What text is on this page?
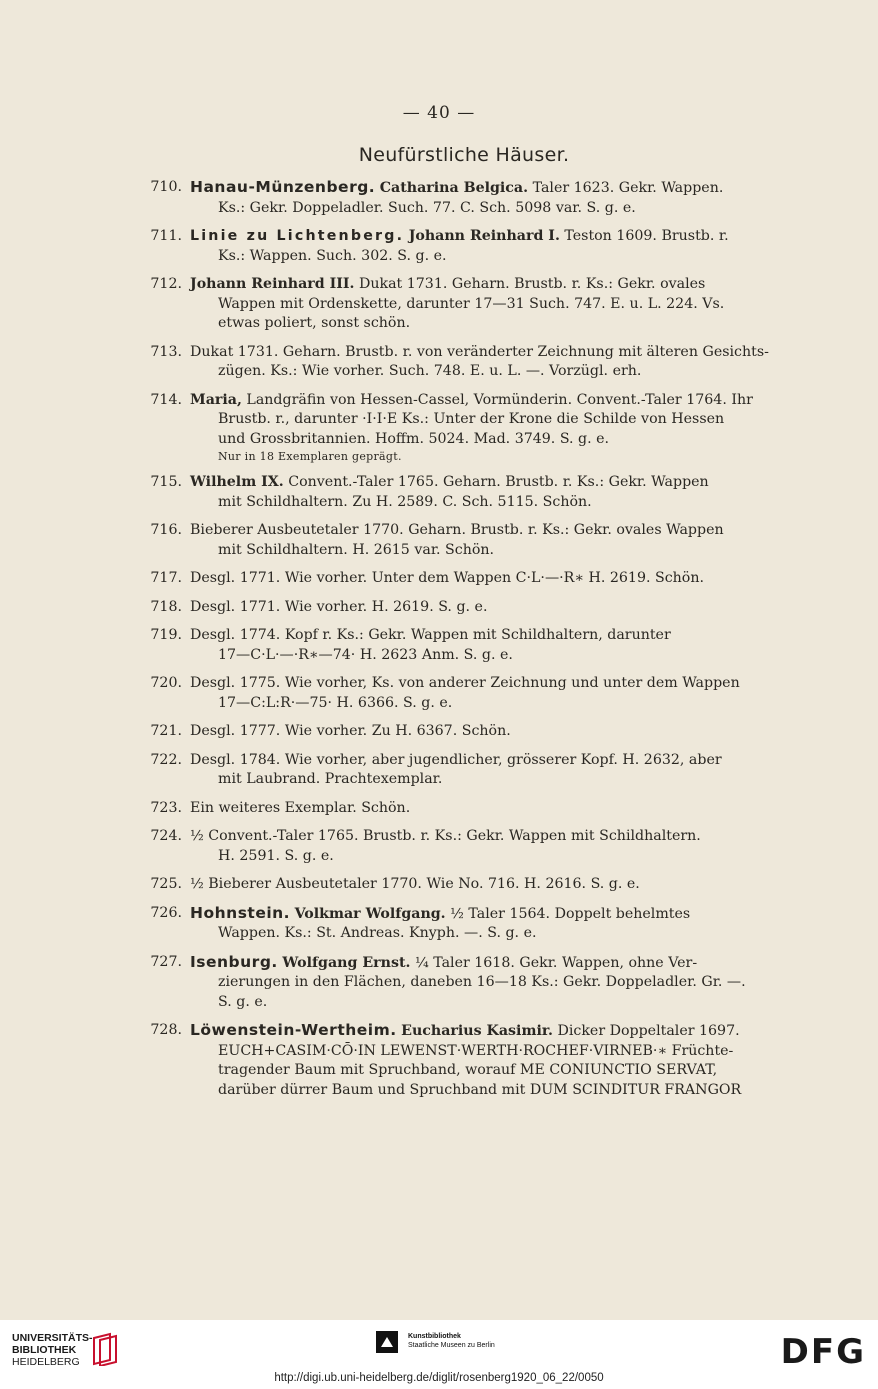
— 40 —
Neufürstliche Häuser.
710. Hanau-Münzenberg. Catharina Belgica. Taler 1623. Gekr. Wappen.
Ks.: Gekr. Doppeladler. Such. 77. C. Sch. 5098 var. S. g. e.
711. Linie zu Lichtenberg. Johann Reinhard I. Teston 1609. Brustb. r.
Ks.: Wappen. Such. 302. S. g. e.
712. Johann Reinhard III. Dukat 1731. Geharn. Brustb. r. Ks.: Gekr. ovales
Wappen mit Ordenskette, darunter 17—31 Such. 747. E. u. L. 224. Vs.
etwas poliert, sonst schön.
713. Dukat 1731. Geharn. Brustb. r. von veränderter Zeichnung mit älteren Gesichts-
zügen. Ks.: Wie vorher. Such. 748. E. u. L. —. Vorzügl. erh.
714. Maria, Landgräfin von Hessen-Cassel, Vormünderin. Convent.-Taler 1764. Ihr
Brustb. r., darunter ·I·I·E Ks.: Unter der Krone die Schilde von Hessen
und Grossbritannien. Hoffm. 5024. Mad. 3749. S. g. e.
Nur in 18 Exemplaren geprägt.
715. Wilhelm IX. Convent.-Taler 1765. Geharn. Brustb. r. Ks.: Gekr. Wappen
mit Schildhaltern. Zu H. 2589. C. Sch. 5115. Schön.
716. Bieberer Ausbeutetaler 1770. Geharn. Brustb. r. Ks.: Gekr. ovales Wappen
mit Schildhaltern. H. 2615 var. Schön.
717. Desgl. 1771. Wie vorher. Unter dem Wappen C·L·—·R∗ H. 2619. Schön.
718. Desgl. 1771. Wie vorher. H. 2619. S. g. e.
719. Desgl. 1774. Kopf r. Ks.: Gekr. Wappen mit Schildhaltern, darunter
17—C·L·—·R∗—74· H. 2623 Anm. S. g. e.
720. Desgl. 1775. Wie vorher, Ks. von anderer Zeichnung und unter dem Wappen
17—C:L:R·—75· H. 6366. S. g. e.
721. Desgl. 1777. Wie vorher. Zu H. 6367. Schön.
722. Desgl. 1784. Wie vorher, aber jugendlicher, grösserer Kopf. H. 2632, aber
mit Laubrand. Prachtexemplar.
723. Ein weiteres Exemplar. Schön.
724. ½ Convent.-Taler 1765. Brustb. r. Ks.: Gekr. Wappen mit Schildhaltern.
H. 2591. S. g. e.
725. ½ Bieberer Ausbeutetaler 1770. Wie No. 716. H. 2616. S. g. e.
726. Hohnstein. Volkmar Wolfgang. ½ Taler 1564. Doppelt behelmtes
Wappen. Ks.: St. Andreas. Knyph. —. S. g. e.
727. Isenburg. Wolfgang Ernst. ¼ Taler 1618. Gekr. Wappen, ohne Ver-
zierungen in den Flächen, daneben 16—18 Ks.: Gekr. Doppeladler. Gr. —.
S. g. e.
728. Löwenstein-Wertheim. Eucharius Kasimir. Dicker Doppeltaler 1697.
EUCH+CASIM·CŌ·IN LEWENST·WERTH·ROCHEF·VIRNEB·∗ Früchte-
tragender Baum mit Spruchband, worauf ME CONIUNCTIO SERVAT,
darüber dürrer Baum und Spruchband mit DUM SCINDITUR FRANGOR
UNIVERSITÄTS-
BIBLIOTHEK
HEIDELBERG
Kunstbibliothek
Staatliche Museen zu Berlin	DFG
http://digi.ub.uni-heidelberg.de/diglit/rosenberg1920_06_22/0050
